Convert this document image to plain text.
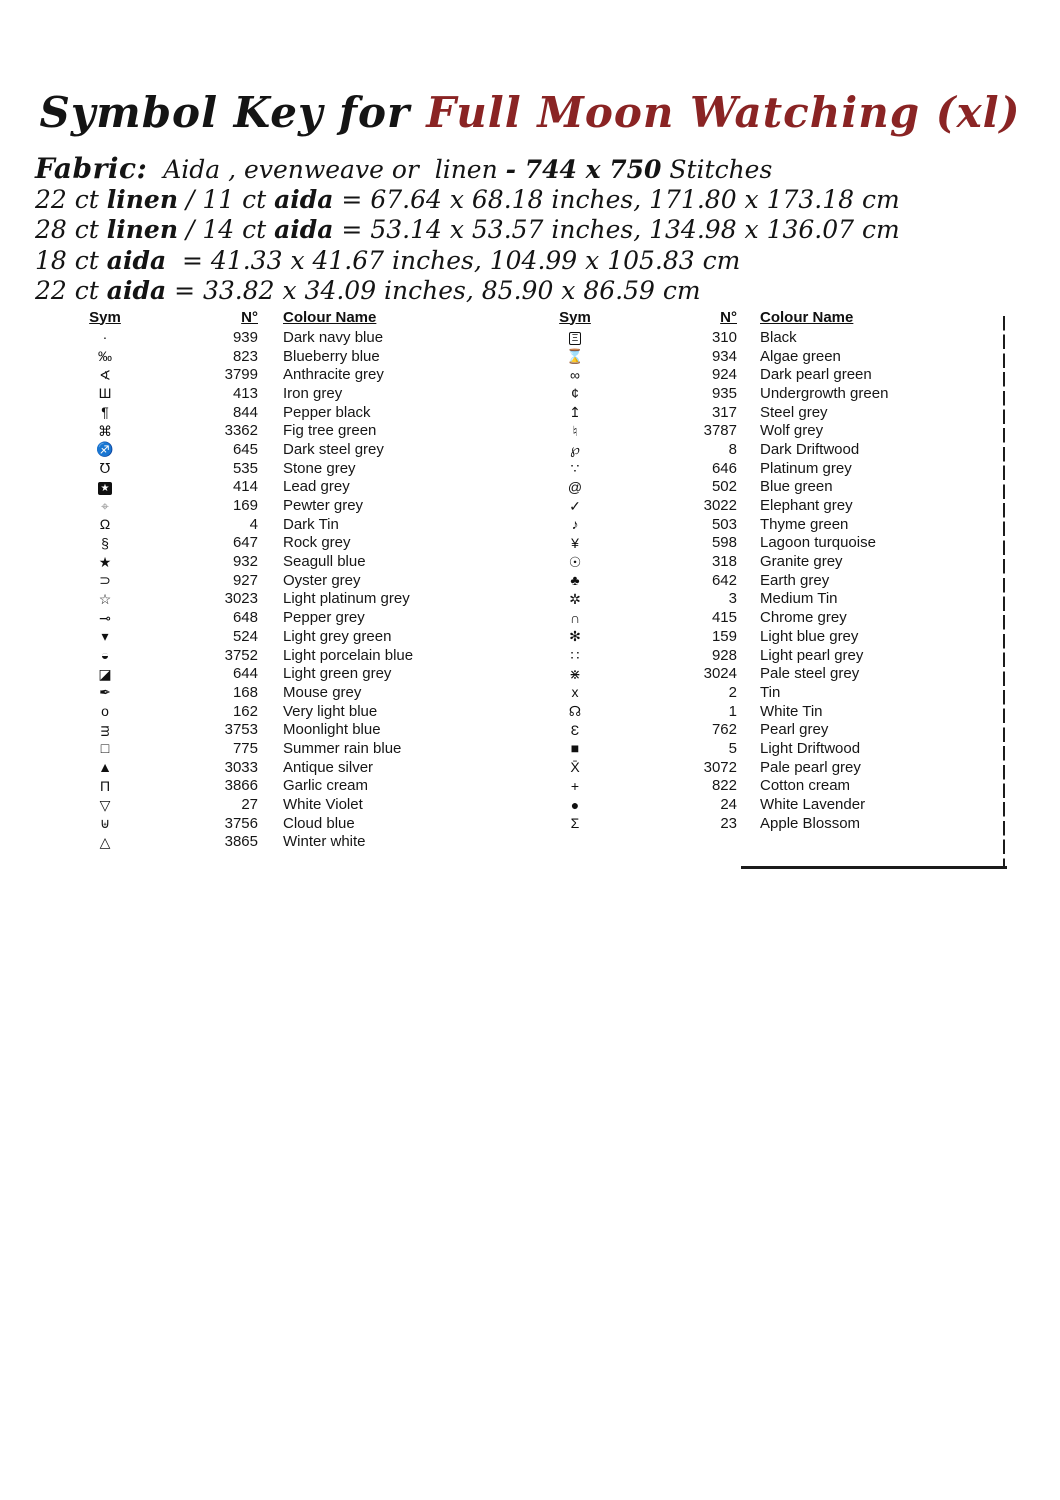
Symbol Key for Full Moon Watching (xl)
Fabric:  Aida , evenweave or  linen - 744 x 750 Stitches
22 ct linen / 11 ct aida = 67.64 x 68.18 inches, 171.80 x 173.18 cm
28 ct linen / 14 ct aida = 53.14 x 53.57 inches, 134.98 x 136.07 cm
18 ct aida  = 41.33 x 41.67 inches, 104.99 x 105.83 cm
22 ct aida = 33.82 x 34.09 inches, 85.90 x 86.59 cm
Sym	N°	Colour Name
·	939	Dark navy blue
‰	823	Blueberry blue
∢	3799	Anthracite grey
Ш	413	Iron grey
¶	844	Pepper black
⌘	3362	Fig tree green
♐	645	Dark steel grey
℧	535	Stone grey
★	414	Lead grey
⌖	169	Pewter grey
Ω	4	Dark Tin
§	647	Rock grey
★	932	Seagull blue
⊃	927	Oyster grey
☆	3023	Light platinum grey
⊸	648	Pepper grey
▾	524	Light grey green
◒	3752	Light porcelain blue
◪	644	Light green grey
✒	168	Mouse grey
o	162	Very light blue
ᴟ	3753	Moonlight blue
□	775	Summer rain blue
▲	3033	Antique silver
Π	3866	Garlic cream
▽	27	White Violet
⊎	3756	Cloud blue
△	3865	Winter white
Sym	N°	Colour Name
Ξ	310	Black
⌛	934	Algae green
∞	924	Dark pearl green
¢	935	Undergrowth green
↥	317	Steel grey
♮	3787	Wolf grey
℘	8	Dark Driftwood
∵	646	Platinum grey
@	502	Blue green
✓	3022	Elephant grey
♪	503	Thyme green
¥	598	Lagoon turquoise
☉	318	Granite grey
♣	642	Earth grey
✲	3	Medium Tin
∩	415	Chrome grey
✻	159	Light blue grey
∷	928	Light pearl grey
⋇	3024	Pale steel grey
x	2	Tin
☊	1	White Tin
Ɛ	762	Pearl grey
■	5	Light Driftwood
X̄	3072	Pale pearl grey
+	822	Cotton cream
●	24	White Lavender
Σ	23	Apple Blossom
